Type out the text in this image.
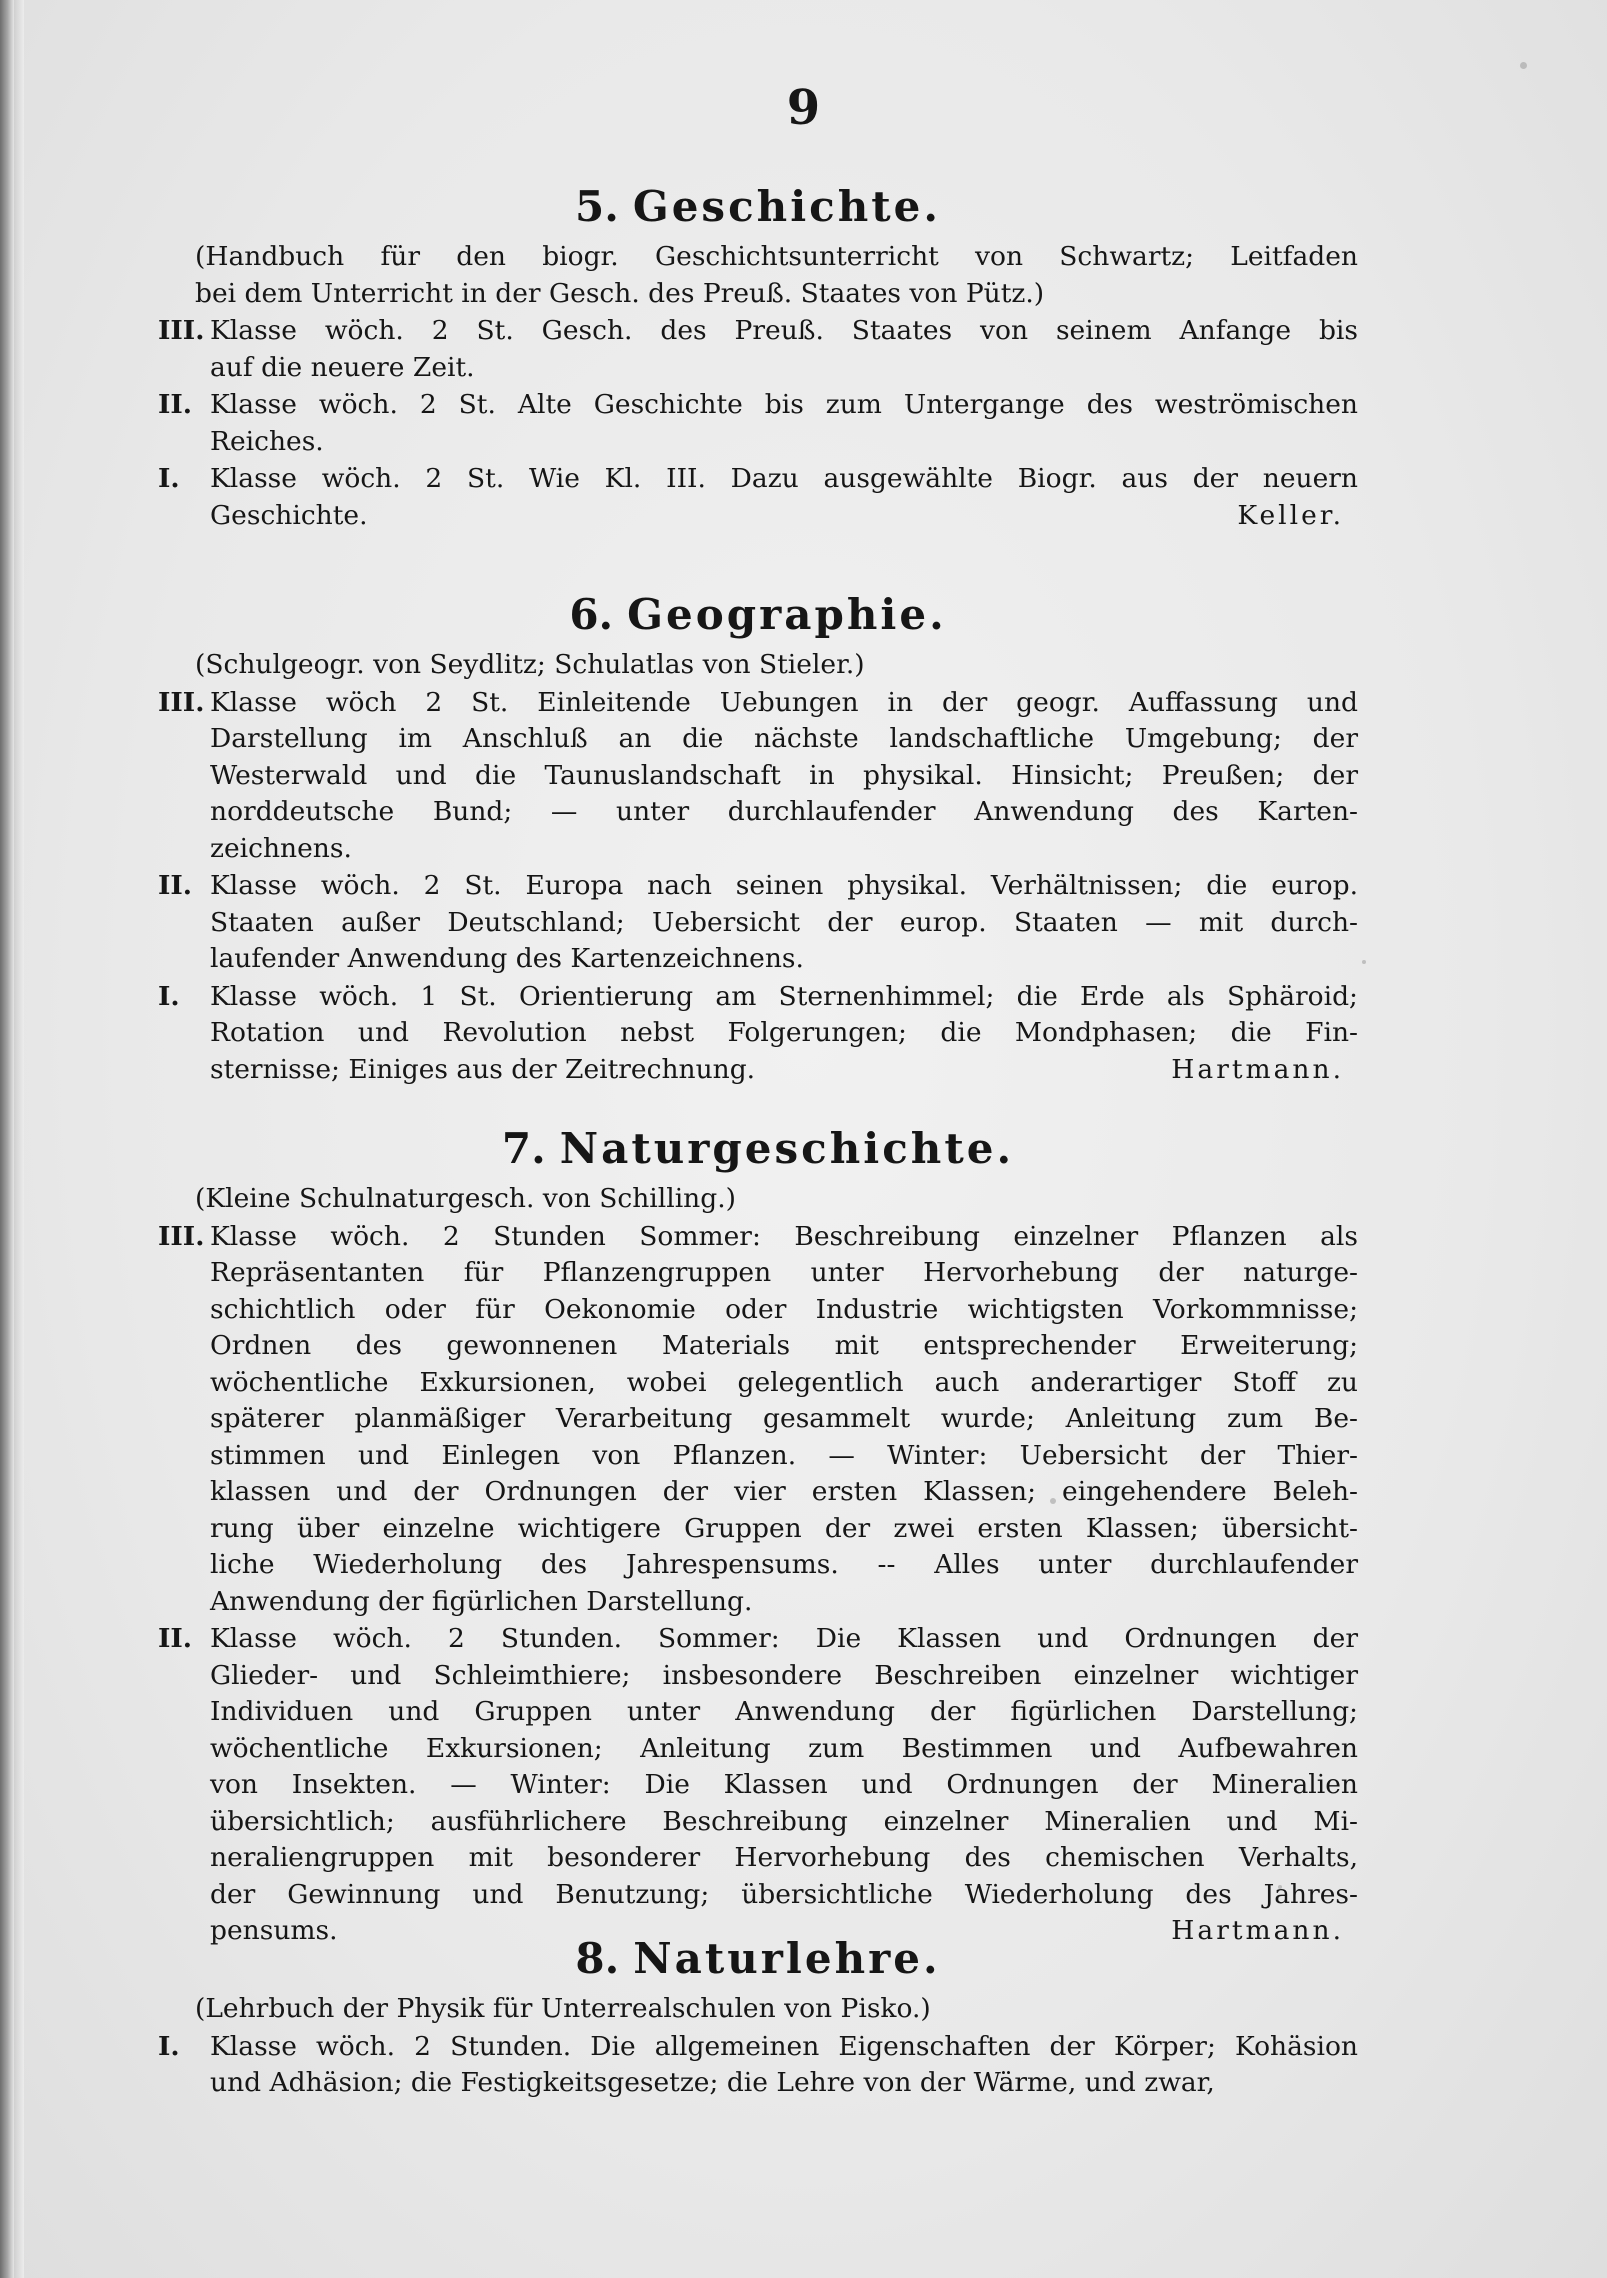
9
5. Geschichte.
(Handbuch für den biogr. Geschichtsunterricht von Schwartz; Leitfaden
bei dem Unterricht in der Gesch. des Preuß. Staates von Pütz.)
III. Klasse wöch. 2 St. Gesch. des Preuß. Staates von seinem Anfange bis
auf die neuere Zeit.
II. Klasse wöch. 2 St. Alte Geschichte bis zum Untergange des weströmischen
Reiches.
I. Klasse wöch. 2 St. Wie Kl. III. Dazu ausgewählte Biogr. aus der neuern
Geschichte.	Keller.
6. Geographie.
(Schulgeogr. von Seydlitz; Schulatlas von Stieler.)
III. Klasse wöch 2 St. Einleitende Uebungen in der geogr. Auffassung und
Darstellung im Anschluß an die nächste landschaftliche Umgebung; der
Westerwald und die Taunuslandschaft in physikal. Hinsicht; Preußen; der
norddeutsche Bund; — unter durchlaufender Anwendung des Karten-
zeichnens.
II. Klasse wöch. 2 St. Europa nach seinen physikal. Verhältnissen; die europ.
Staaten außer Deutschland; Uebersicht der europ. Staaten — mit durch-
laufender Anwendung des Kartenzeichnens.
I. Klasse wöch. 1 St. Orientierung am Sternenhimmel; die Erde als Sphäroid;
Rotation und Revolution nebst Folgerungen; die Mondphasen; die Fin-
sternisse; Einiges aus der Zeitrechnung.	Hartmann.
7. Naturgeschichte.
(Kleine Schulnaturgesch. von Schilling.)
III. Klasse wöch. 2 Stunden Sommer: Beschreibung einzelner Pflanzen als
Repräsentanten für Pflanzengruppen unter Hervorhebung der naturge-
schichtlich oder für Oekonomie oder Industrie wichtigsten Vorkommnisse;
Ordnen des gewonnenen Materials mit entsprechender Erweiterung;
wöchentliche Exkursionen, wobei gelegentlich auch anderartiger Stoff zu
späterer planmäßiger Verarbeitung gesammelt wurde; Anleitung zum Be-
stimmen und Einlegen von Pflanzen. — Winter: Uebersicht der Thier-
klassen und der Ordnungen der vier ersten Klassen; eingehendere Beleh-
rung über einzelne wichtigere Gruppen der zwei ersten Klassen; übersicht-
liche Wiederholung des Jahrespensums. -- Alles unter durchlaufender
Anwendung der figürlichen Darstellung.
II. Klasse wöch. 2 Stunden. Sommer: Die Klassen und Ordnungen der
Glieder- und Schleimthiere; insbesondere Beschreiben einzelner wichtiger
Individuen und Gruppen unter Anwendung der figürlichen Darstellung;
wöchentliche Exkursionen; Anleitung zum Bestimmen und Aufbewahren
von Insekten. — Winter: Die Klassen und Ordnungen der Mineralien
übersichtlich; ausführlichere Beschreibung einzelner Mineralien und Mi-
neraliengruppen mit besonderer Hervorhebung des chemischen Verhalts,
der Gewinnung und Benutzung; übersichtliche Wiederholung des Jahres-
pensums.	Hartmann.
8. Naturlehre.
(Lehrbuch der Physik für Unterrealschulen von Pisko.)
I. Klasse wöch. 2 Stunden. Die allgemeinen Eigenschaften der Körper; Kohäsion
und Adhäsion; die Festigkeitsgesetze; die Lehre von der Wärme, und zwar,
